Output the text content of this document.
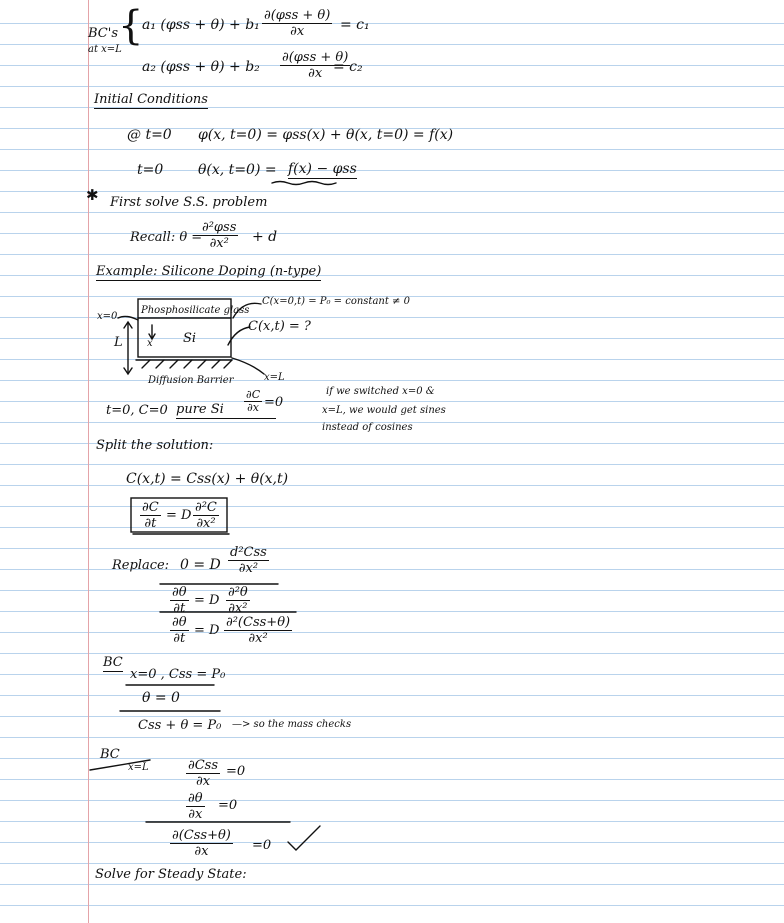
BC's
at x=L
{
a₁ (φss + θ) + b₁
∂(φss + θ)
∂x	= c₁
a₂ (φss + θ) + b₂
∂(φss + θ)
∂x = c₂
Initial Conditions
@ t=0 φ(x, t=0) = φss(x) + θ(x, t=0) = f(x)
t=0 θ(x, t=0) = f(x) − φss
✱ First solve S.S. problem
Recall: θ =
∂²φss
∂x² + d
Example: Silicone Doping (n-type)
x=0
Phosphosilicate glass
Si
x
L
Diffusion Barrier	x=L
C(x=0,t) = P₀ = constant ≠ 0
C(x,t) = ?
t=0, C=0 pure Si	$\frac{\partial C}{\partial x} =0$
if we switched x=0 &
x=L, we would get sines
instead of cosines
Split the solution:
C(x,t) = Css(x) + θ(x,t)
$\frac{\partial C}{\partial t} = D \frac{\text{∂²C}}{\text{∂x²}}$
Replace: 0 = D
d²Css
∂x²
$\frac{\partial\theta}{\partial t} = D \frac{\text{∂²θ}}{\text{∂x²}}$
$\frac{\partial\theta}{\partial t} = D$
∂²(Css+θ)
∂x²
BC
x=0 , Css = P₀
θ = 0
Css + θ = P₀ —> so the mass checks
BC
x=L	∂Css
∂x
=0
$\frac{\partial\theta}{\partial x} =0$
∂(Css+θ)
∂x	=0
Solve for Steady State:
